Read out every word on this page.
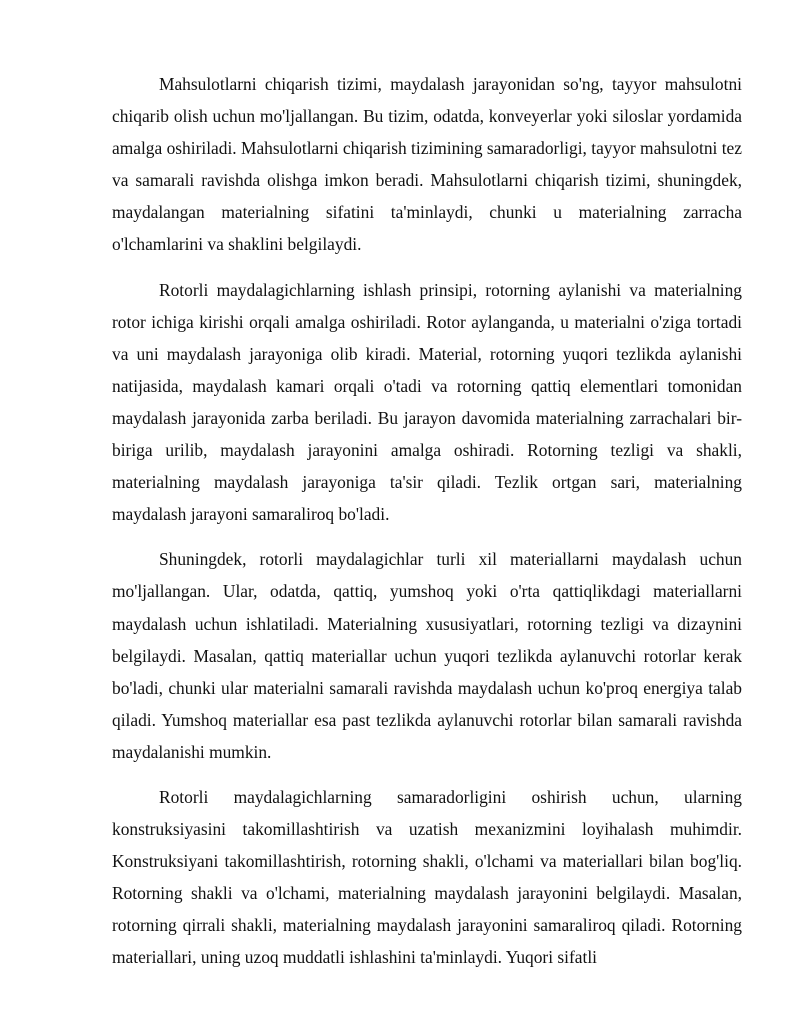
Mahsulotlarni chiqarish tizimi, maydalash jarayonidan so'ng, tayyor mahsulotni chiqarib olish uchun mo'ljallangan. Bu tizim, odatda, konveyerlar yoki siloslar yordamida amalga oshiriladi. Mahsulotlarni chiqarish tizimining samaradorligi, tayyor mahsulotni tez va samarali ravishda olishga imkon beradi. Mahsulotlarni chiqarish tizimi, shuningdek, maydalangan materialning sifatini ta'minlaydi, chunki u materialning zarracha o'lchamlarini va shaklini belgilaydi.

Rotorli maydalagichlarning ishlash prinsipi, rotorning aylanishi va materialning rotor ichiga kirishi orqali amalga oshiriladi. Rotor aylanganda, u materialni o'ziga tortadi va uni maydalash jarayoniga olib kiradi. Material, rotorning yuqori tezlikda aylanishi natijasida, maydalash kamari orqali o'tadi va rotorning qattiq elementlari tomonidan maydalash jarayonida zarba beriladi. Bu jarayon davomida materialning zarrachalari bir-biriga urilib, maydalash jarayonini amalga oshiradi. Rotorning tezligi va shakli, materialning maydalash jarayoniga ta'sir qiladi. Tezlik ortgan sari, materialning maydalash jarayoni samaraliroq bo'ladi.

Shuningdek, rotorli maydalagichlar turli xil materiallarni maydalash uchun mo'ljallangan. Ular, odatda, qattiq, yumshoq yoki o'rta qattiqlikdagi materiallarni maydalash uchun ishlatiladi. Materialning xususiyatlari, rotorning tezligi va dizaynini belgilaydi. Masalan, qattiq materiallar uchun yuqori tezlikda aylanuvchi rotorlar kerak bo'ladi, chunki ular materialni samarali ravishda maydalash uchun ko'proq energiya talab qiladi. Yumshoq materiallar esa past tezlikda aylanuvchi rotorlar bilan samarali ravishda maydalanishi mumkin.

Rotorli maydalagichlarning samaradorligini oshirish uchun, ularning konstruksiyasini takomillashtirish va uzatish mexanizmini loyihalash muhimdir. Konstruksiyani takomillashtirish, rotorning shakli, o'lchami va materiallari bilan bog'liq. Rotorning shakli va o'lchami, materialning maydalash jarayonini belgilaydi. Masalan, rotorning qirrali shakli, materialning maydalash jarayonini samaraliroq qiladi. Rotorning materiallari, uning uzoq muddatli ishlashini ta'minlaydi. Yuqori sifatli
